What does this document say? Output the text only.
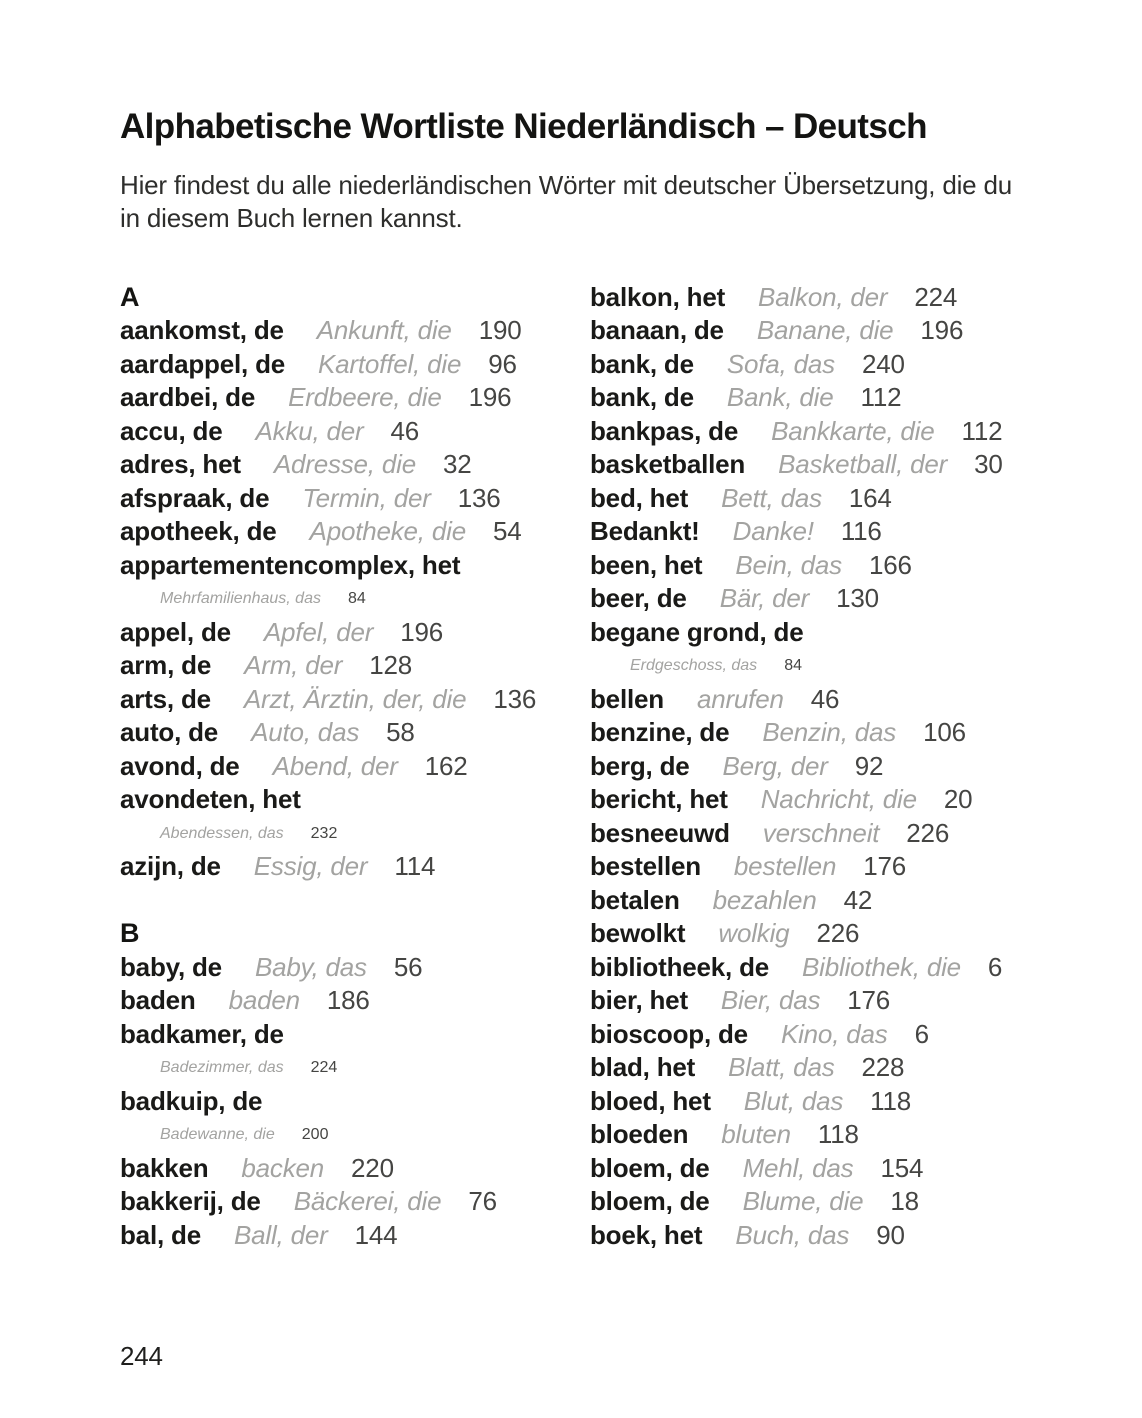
Alphabetische Wortliste Niederländisch – Deutsch

Hier findest du alle niederländischen Wörter mit deutscher Übersetzung, die du in diesem Buch lernen kannst.

A
aankomst, de Ankunft, die 190
aardappel, de Kartoffel, die 96
aardbei, de Erdbeere, die 196
accu, de Akku, der 46
adres, het Adresse, die 32
afspraak, de Termin, der 136
apotheek, de Apotheke, die 54
appartementencomplex, het
Mehrfamilienhaus, das 84
appel, de Apfel, der 196
arm, de Arm, der 128
arts, de Arzt, Ärztin, der, die 136
auto, de Auto, das 58
avond, de Abend, der 162
avondeten, het
Abendessen, das 232
azijn, de Essig, der 114
B
baby, de Baby, das 56
baden baden 186
badkamer, de
Badezimmer, das 224
badkuip, de
Badewanne, die 200
bakken backen 220
bakkerij, de Bäckerei, die 76
bal, de Ball, der 144
balkon, het Balkon, der 224
banaan, de Banane, die 196
bank, de Sofa, das 240
bank, de Bank, die 112
bankpas, de Bankkarte, die 112
basketballen Basketball, der 30
bed, het Bett, das 164
Bedankt! Danke! 116
been, het Bein, das 166
beer, de Bär, der 130
begane grond, de
Erdgeschoss, das 84
bellen anrufen 46
benzine, de Benzin, das 106
berg, de Berg, der 92
bericht, het Nachricht, die 20
besneeuwd verschneit 226
bestellen bestellen 176
betalen bezahlen 42
bewolkt wolkig 226
bibliotheek, de Bibliothek, die 6
bier, het Bier, das 176
bioscoop, de Kino, das 6
blad, het Blatt, das 228
bloed, het Blut, das 118
bloeden bluten 118
bloem, de Mehl, das 154
bloem, de Blume, die 18
boek, het Buch, das 90
244
